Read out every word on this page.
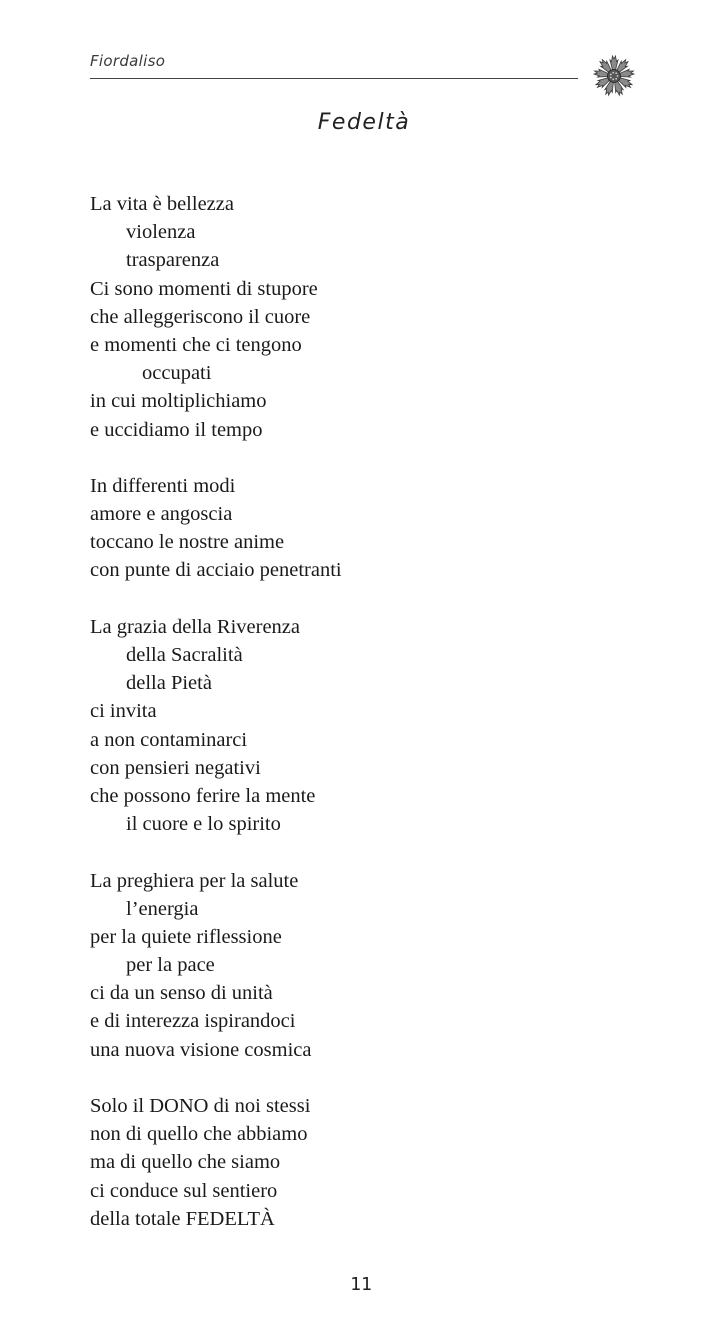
Fiordaliso
Fedeltà
La vita è bellezza
violenza
trasparenza
Ci sono momenti di stupore
che alleggeriscono il cuore
e momenti che ci tengono
occupati
in cui moltiplichiamo
e uccidiamo il tempo
In differenti modi
amore e angoscia
toccano le nostre anime
con punte di acciaio penetranti
La grazia della Riverenza
della Sacralità
della Pietà
ci invita
a non contaminarci
con pensieri negativi
che possono ferire la mente
il cuore e lo spirito
La preghiera per la salute
l’energia
per la quiete riflessione
per la pace
ci da un senso di unità
e di interezza ispirandoci
una nuova visione cosmica
Solo il DONO di noi stessi
non di quello che abbiamo
ma di quello che siamo
ci conduce sul sentiero
della totale FEDELTÀ
11
